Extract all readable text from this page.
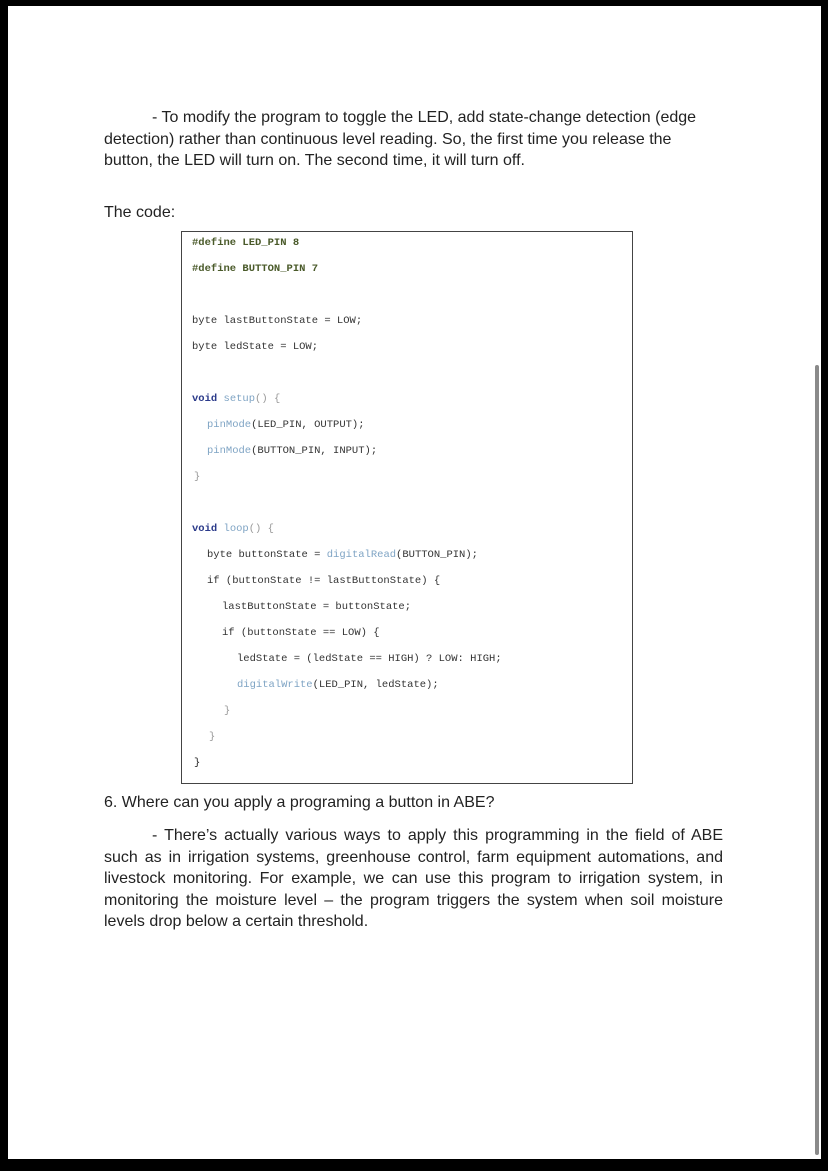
- To modify the program to toggle the LED, add state-change detection (edge detection) rather than continuous level reading. So, the first time you release the button, the LED will turn on. The second time, it will turn off.
The code:
#define LED_PIN 8
#define BUTTON_PIN 7
byte lastButtonState = LOW;
byte ledState = LOW;
void setup() {
pinMode(LED_PIN, OUTPUT);
pinMode(BUTTON_PIN, INPUT);
}
void loop() {
byte buttonState = digitalRead(BUTTON_PIN);
if (buttonState != lastButtonState) {
lastButtonState = buttonState;
if (buttonState == LOW) {
ledState = (ledState == HIGH) ? LOW: HIGH;
digitalWrite(LED_PIN, ledState);
}
}
}
6. Where can you apply a programing a button in ABE?
- There’s actually various ways to apply this programming in the field of ABE such as in irrigation systems, greenhouse control, farm equipment automations, and livestock monitoring. For example, we can use this program to irrigation system, in monitoring the moisture level – the program triggers the system when soil moisture levels drop below a certain threshold.
